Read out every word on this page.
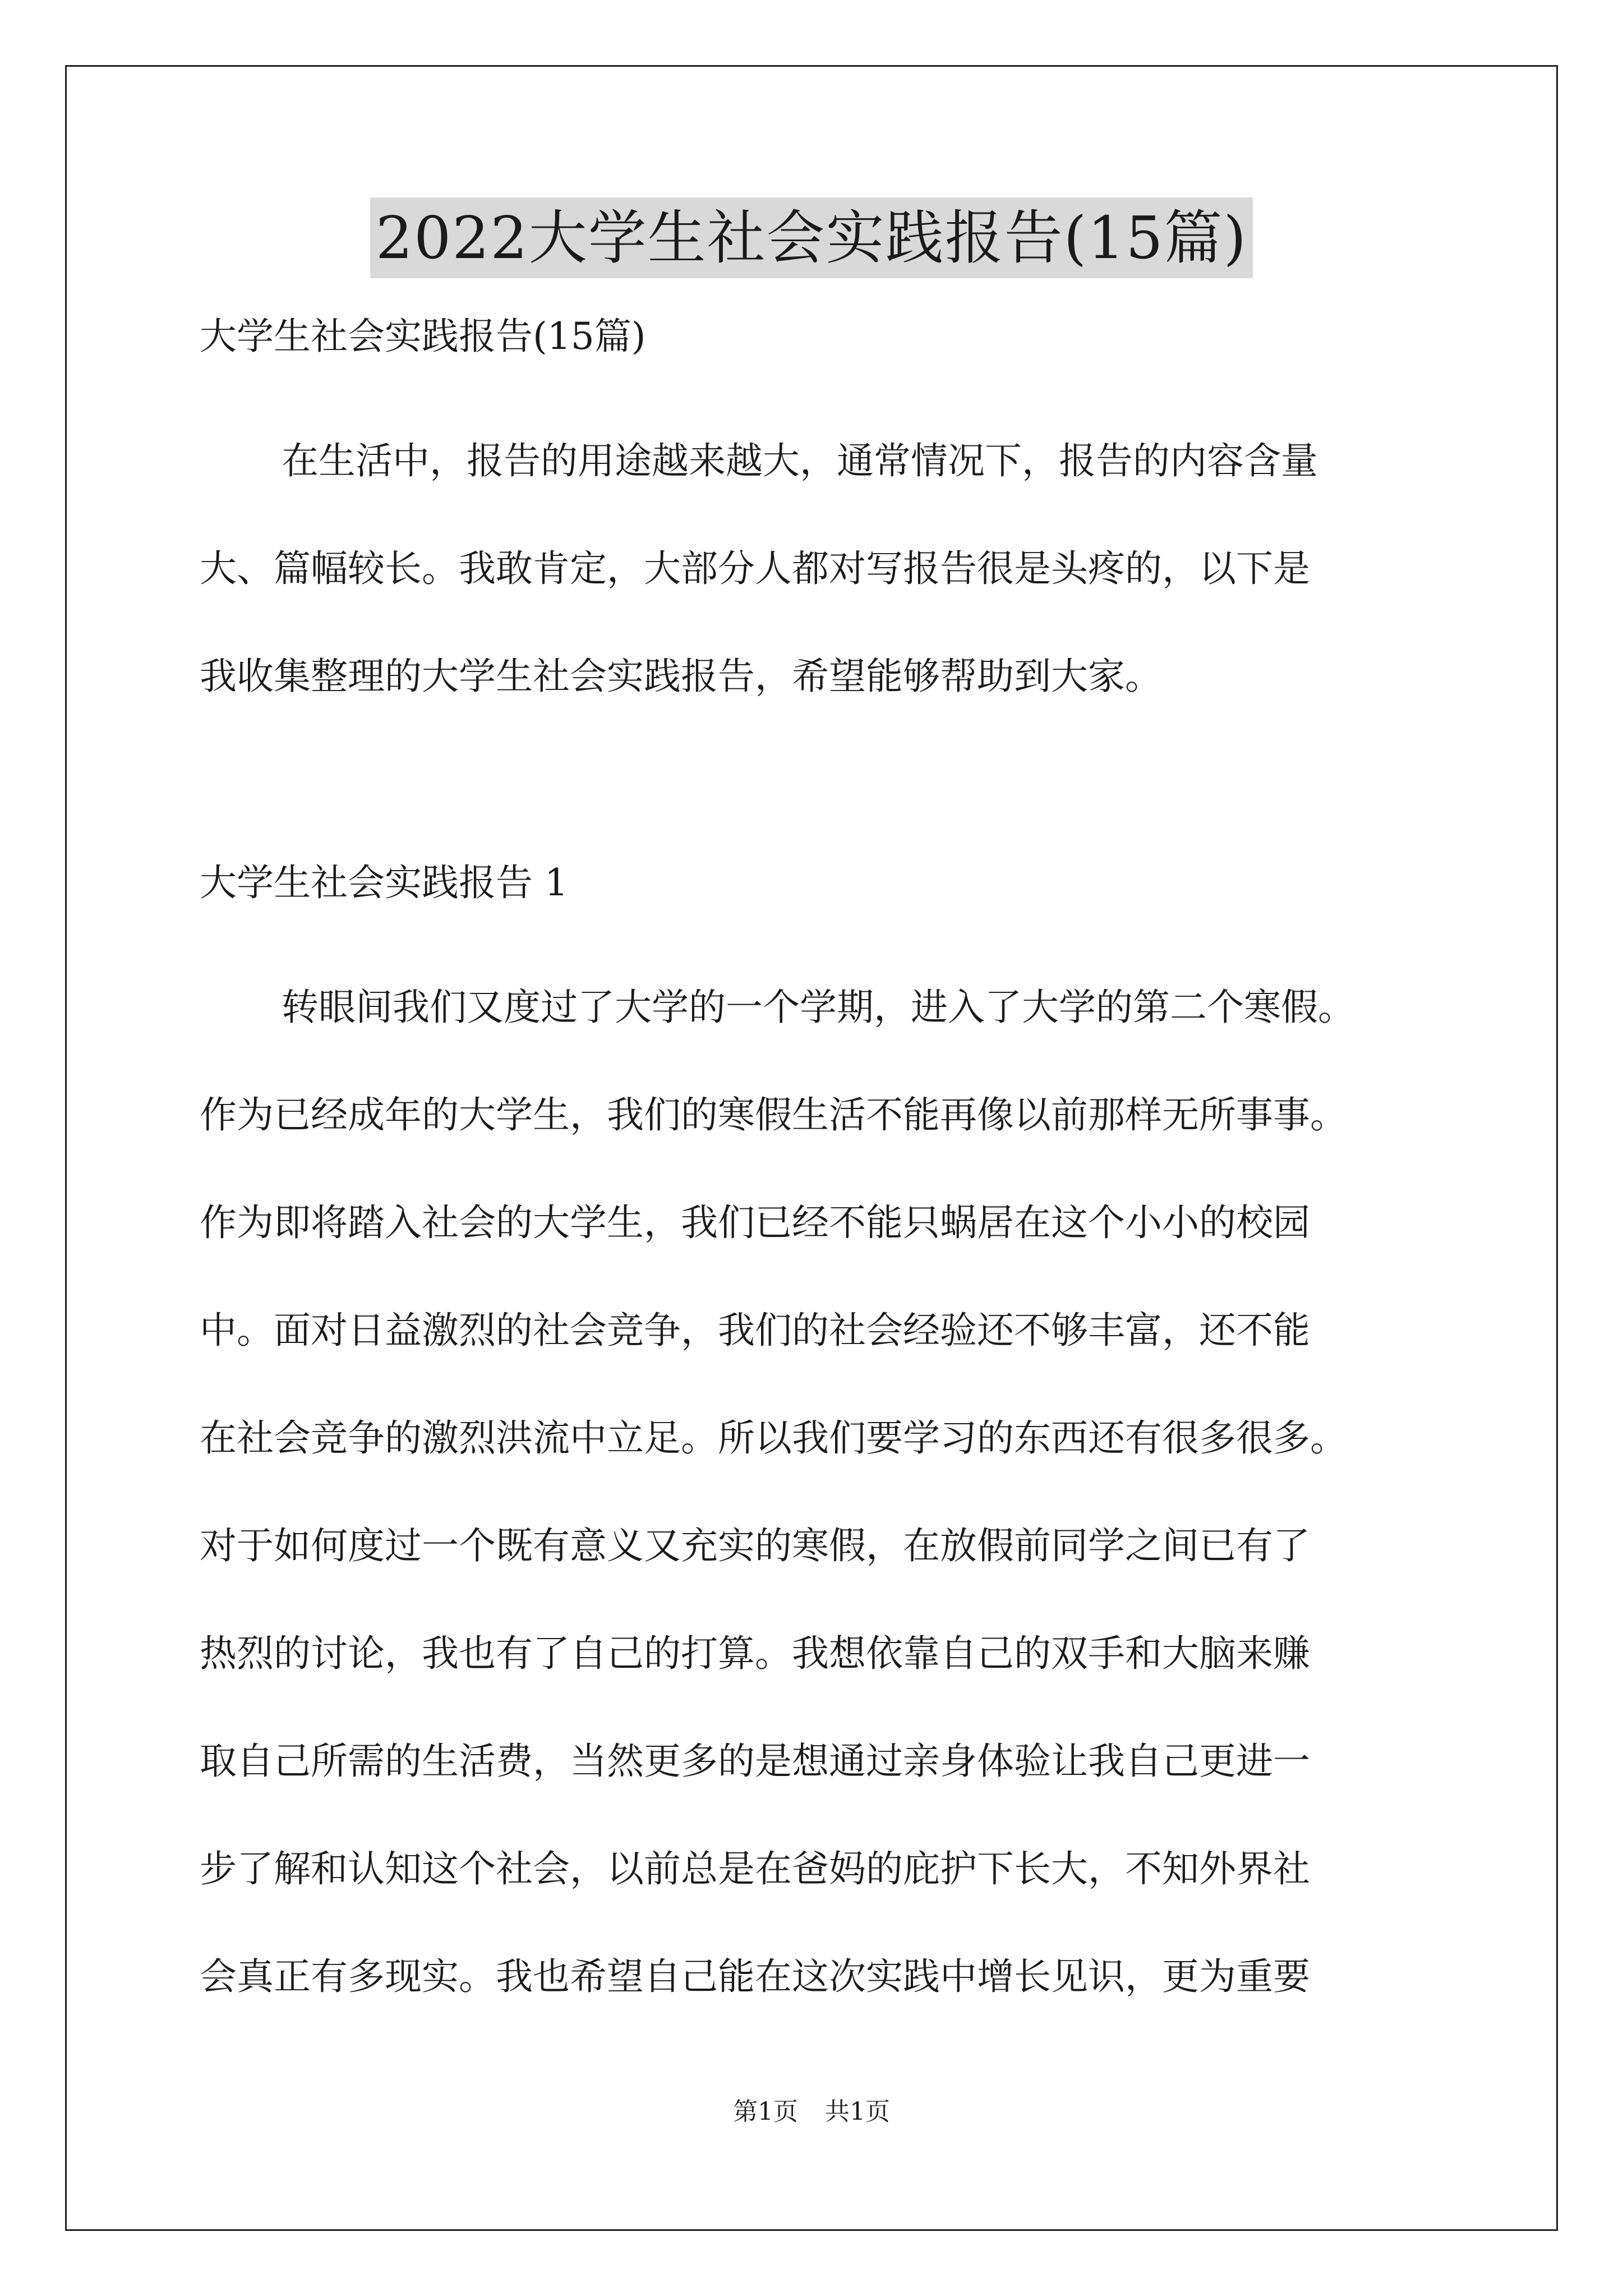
2022大学生社会实践报告(15篇)

大学生社会实践报告(15篇)

在生活中，报告的用途越来越大，通常情况下，报告的内容含量
大、篇幅较长。我敢肯定，大部分人都对写报告很是头疼的，以下是
我收集整理的大学生社会实践报告，希望能够帮助到大家。

大学生社会实践报告 1

转眼间我们又度过了大学的一个学期，进入了大学的第二个寒假。
作为已经成年的大学生，我们的寒假生活不能再像以前那样无所事事。
作为即将踏入社会的大学生，我们已经不能只蜗居在这个小小的校园
中。面对日益激烈的社会竞争，我们的社会经验还不够丰富，还不能
在社会竞争的激烈洪流中立足。所以我们要学习的东西还有很多很多。
对于如何度过一个既有意义又充实的寒假，在放假前同学之间已有了
热烈的讨论，我也有了自己的打算。我想依靠自己的双手和大脑来赚
取自己所需的生活费，当然更多的是想通过亲身体验让我自己更进一
步了解和认知这个社会，以前总是在爸妈的庇护下长大，不知外界社
会真正有多现实。我也希望自己能在这次实践中增长见识，更为重要

第1页 共1页
